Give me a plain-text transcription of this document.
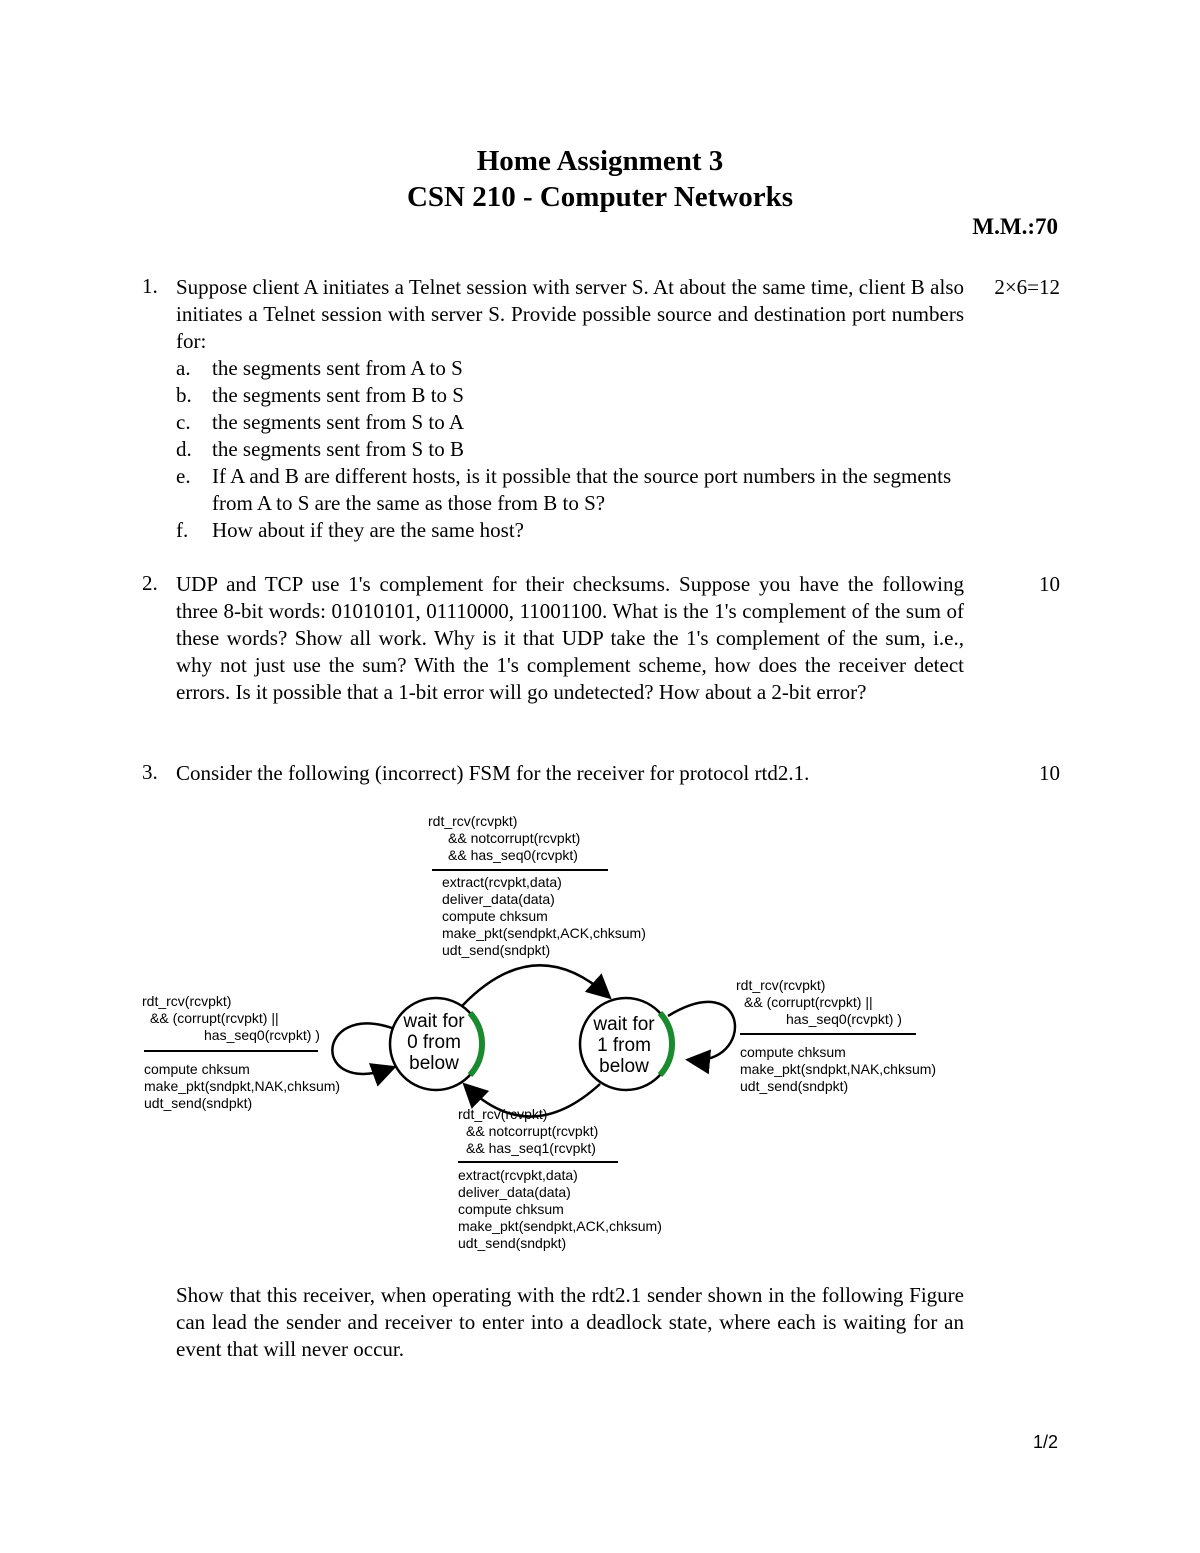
Home Assignment 3
CSN 210 - Computer Networks
M.M.:70
1. Suppose client A initiates a Telnet session with server S. At about the same time, client B also initiates a Telnet session with server S. Provide possible source and destination port numbers for:
a. the segments sent from A to S
b. the segments sent from B to S
c. the segments sent from S to A
d. the segments sent from S to B
e. If A and B are different hosts, is it possible that the source port numbers in the segments from A to S are the same as those from B to S?
f. How about if they are the same host?
2×6=12
2. UDP and TCP use 1's complement for their checksums. Suppose you have the following three 8-bit words: 01010101, 01110000, 11001100. What is the 1's complement of the sum of these words? Show all work. Why is it that UDP take the 1's complement of the sum, i.e., why not just use the sum? With the 1's complement scheme, how does the receiver detect errors. Is it possible that a 1-bit error will go undetected? How about a 2-bit error?
10
3. Consider the following (incorrect) FSM for the receiver for protocol rtd2.1.	10
wait for
0 from
below
wait for
1 from
below
rdt_rcv(rcvpkt)
&& notcorrupt(rcvpkt)
&& has_seq0(rcvpkt)
extract(rcvpkt,data)
deliver_data(data)
compute chksum
make_pkt(sendpkt,ACK,chksum)
udt_send(sndpkt)
rdt_rcv(rcvpkt)
&& (corrupt(rcvpkt) ||
has_seq0(rcvpkt) )
compute chksum
make_pkt(sndpkt,NAK,chksum)
udt_send(sndpkt)
rdt_rcv(rcvpkt)
&& (corrupt(rcvpkt) ||
has_seq0(rcvpkt) )
compute chksum
make_pkt(sndpkt,NAK,chksum)
udt_send(sndpkt)
rdt_rcv(rcvpkt)
&& notcorrupt(rcvpkt)
&& has_seq1(rcvpkt)
extract(rcvpkt,data)
deliver_data(data)
compute chksum
make_pkt(sendpkt,ACK,chksum)
udt_send(sndpkt)
Show that this receiver, when operating with the rdt2.1 sender shown in the following Figure can lead the sender and receiver to enter into a deadlock state, where each is waiting for an event that will never occur.
1/2
